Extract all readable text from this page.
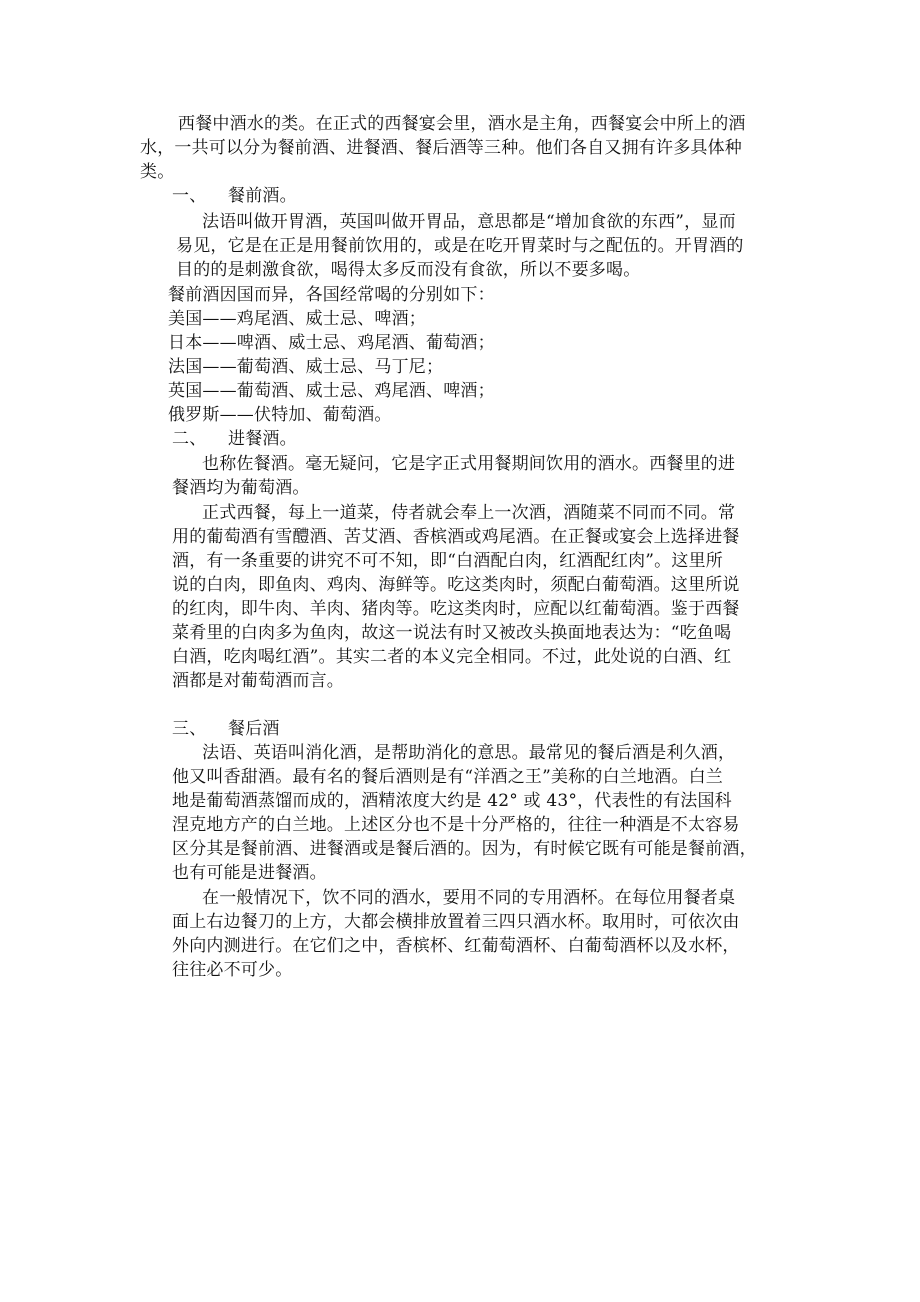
西餐中酒水的类。在正式的西餐宴会里，酒水是主角，西餐宴会中所上的酒
水，一共可以分为餐前酒、进餐酒、餐后酒等三种。他们各自又拥有许多具体种
类。
一、 餐前酒。
法语叫做开胃酒，英国叫做开胃品，意思都是“增加食欲的东西”，显而
易见，它是在正是用餐前饮用的，或是在吃开胃菜时与之配伍的。开胃酒的
目的的是刺激食欲，喝得太多反而没有食欲，所以不要多喝。
餐前酒因国而异，各国经常喝的分别如下：
美国——鸡尾酒、威士忌、啤酒；
日本——啤酒、威士忌、鸡尾酒、葡萄酒；
法国——葡萄酒、威士忌、马丁尼；
英国——葡萄酒、威士忌、鸡尾酒、啤酒；
俄罗斯——伏特加、葡萄酒。
二、 进餐酒。
也称佐餐酒。毫无疑问，它是字正式用餐期间饮用的酒水。西餐里的进
餐酒均为葡萄酒。
正式西餐，每上一道菜，侍者就会奉上一次酒，酒随菜不同而不同。常
用的葡萄酒有雪醴酒、苦艾酒、香槟酒或鸡尾酒。在正餐或宴会上选择进餐
酒，有一条重要的讲究不可不知，即“白酒配白肉，红酒配红肉”。这里所
说的白肉，即鱼肉、鸡肉、海鲜等。吃这类肉时，须配白葡萄酒。这里所说
的红肉，即牛肉、羊肉、猪肉等。吃这类肉时，应配以红葡萄酒。鉴于西餐
菜肴里的白肉多为鱼肉，故这一说法有时又被改头换面地表达为：“吃鱼喝
白酒，吃肉喝红酒”。其实二者的本义完全相同。不过，此处说的白酒、红
酒都是对葡萄酒而言。
三、 餐后酒
法语、英语叫消化酒，是帮助消化的意思。最常见的餐后酒是利久酒，
他又叫香甜酒。最有名的餐后酒则是有“洋酒之王”美称的白兰地酒。白兰
地是葡萄酒蒸馏而成的，酒精浓度大约是 42° 或 43°，代表性的有法国科
涅克地方产的白兰地。上述区分也不是十分严格的，往往一种酒是不太容易
区分其是餐前酒、进餐酒或是餐后酒的。因为，有时候它既有可能是餐前酒，
也有可能是进餐酒。
在一般情况下，饮不同的酒水，要用不同的专用酒杯。在每位用餐者桌
面上右边餐刀的上方，大都会横排放置着三四只酒水杯。取用时，可依次由
外向内测进行。在它们之中，香槟杯、红葡萄酒杯、白葡萄酒杯以及水杯，
往往必不可少。
